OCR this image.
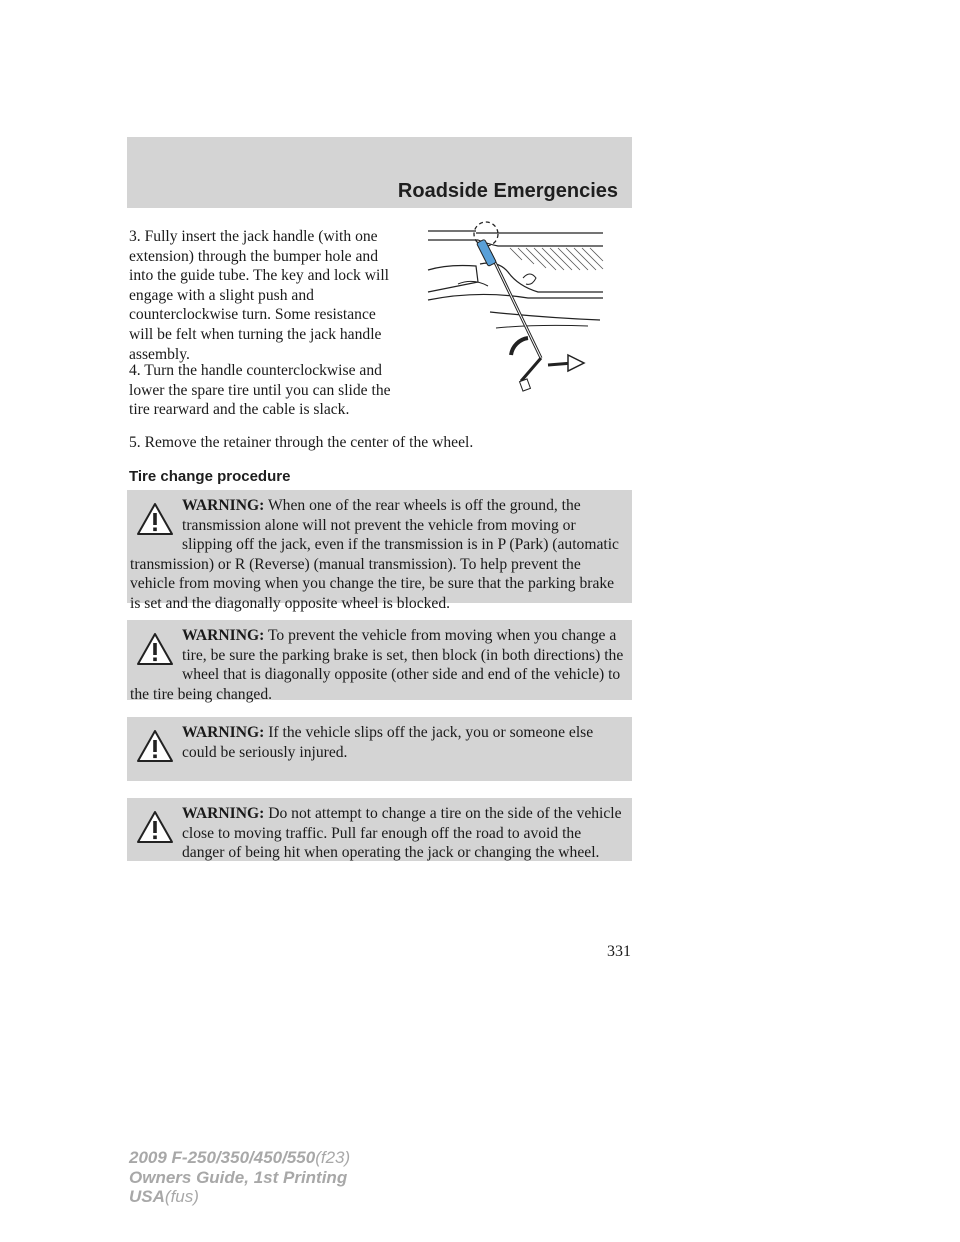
Roadside Emergencies
3. Fully insert the jack handle (with one extension) through the bumper hole and into the guide tube. The key and lock will engage with a slight push and counterclockwise turn. Some resistance will be felt when turning the jack handle assembly.
4. Turn the handle counterclockwise and lower the spare tire until you can slide the tire rearward and the cable is slack.
5. Remove the retainer through the center of the wheel.
Tire change procedure
WARNING: When one of the rear wheels is off the ground, the transmission alone will not prevent the vehicle from moving or slipping off the jack, even if the transmission is in P (Park) (automatic transmission) or R (Reverse) (manual transmission). To help prevent the vehicle from moving when you change the tire, be sure that the parking brake is set and the diagonally opposite wheel is blocked.
WARNING: To prevent the vehicle from moving when you change a tire, be sure the parking brake is set, then block (in both directions) the wheel that is diagonally opposite (other side and end of the vehicle) to the tire being changed.
WARNING: If the vehicle slips off the jack, you or someone else could be seriously injured.
WARNING: Do not attempt to change a tire on the side of the vehicle close to moving traffic. Pull far enough off the road to avoid the danger of being hit when operating the jack or changing the wheel.
331
2009 F-250/350/450/550(f23)
Owners Guide, 1st Printing
USA(fus)
